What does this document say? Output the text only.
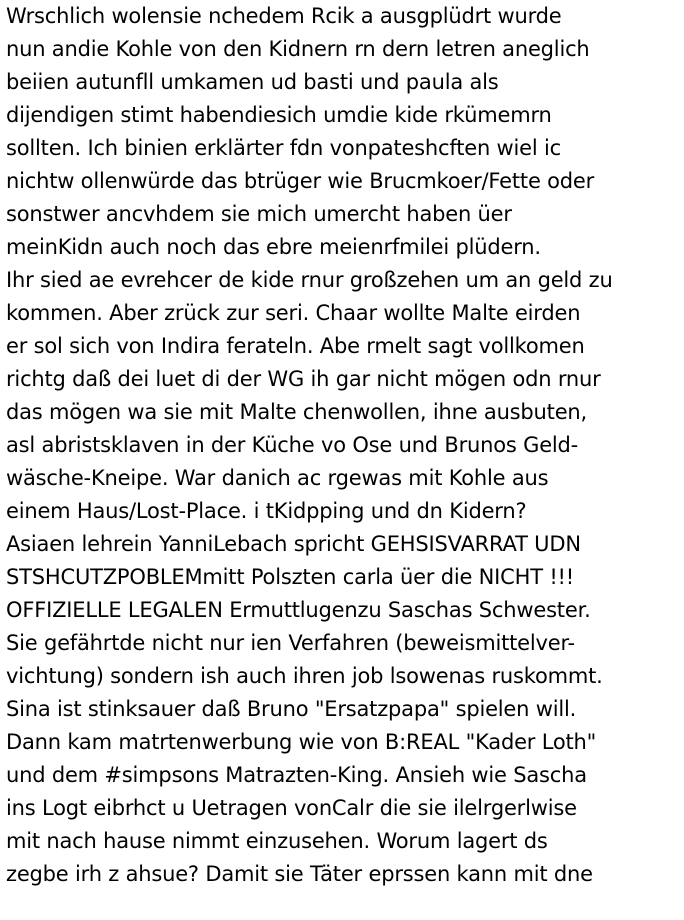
Wrschlich wolensie nchedem Rcik a ausgplüdrt wurde
nun andie Kohle von den Kidnern rn dern letren aneglich
beiien autunfll umkamen ud basti und paula als
dijendigen stimt habendiesich umdie kide rkümemrn
sollten. Ich binien erklärter fdn vonpateshcften wiel ic
nichtw ollenwürde das btrüger wie Brucmkoer/Fette oder
sonstwer ancvhdem sie mich umercht haben üer
meinKidn auch noch das ebre meienrfmilei plüdern.
Ihr sied ae evrehcer de kide rnur großzehen um an geld zu
kommen. Aber zrück zur seri. Chaar wollte Malte eirden
er sol sich von Indira ferateln. Abe rmelt sagt vollkomen
richtg daß dei luet di der WG ih gar nicht mögen odn rnur
das mögen wa sie mit Malte chenwollen, ihne ausbuten,
asl abristsklaven in der Küche vo Ose und Brunos Geld-
wäsche-Kneipe. War danich ac rgewas mit Kohle aus
einem Haus/Lost-Place. i tKidpping und dn Kidern?
Asiaen lehrein YanniLebach spricht GEHSISVARRAT UDN
STSHCUTZPOBLEMmitt Polszten carla üer die NICHT !!!
OFFIZIELLE LEGALEN Ermuttlugenzu Saschas Schwester.
Sie gefährtde nicht nur ien Verfahren (beweismittelver-
vichtung) sondern ish auch ihren job lsowenas ruskommt.
Sina ist stinksauer daß Bruno "Ersatzpapa" spielen will.
Dann kam matrtenwerbung wie von B:REAL "Kader Loth"
und dem #simpsons Matrazten-King. Ansieh wie Sascha
ins Logt eibrhct u Uetragen vonCalr die sie ilelrgerlwise
mit nach hause nimmt einzusehen. Worum lagert ds
zegbe irh z ahsue? Damit sie Täter eprssen kann mit dne
